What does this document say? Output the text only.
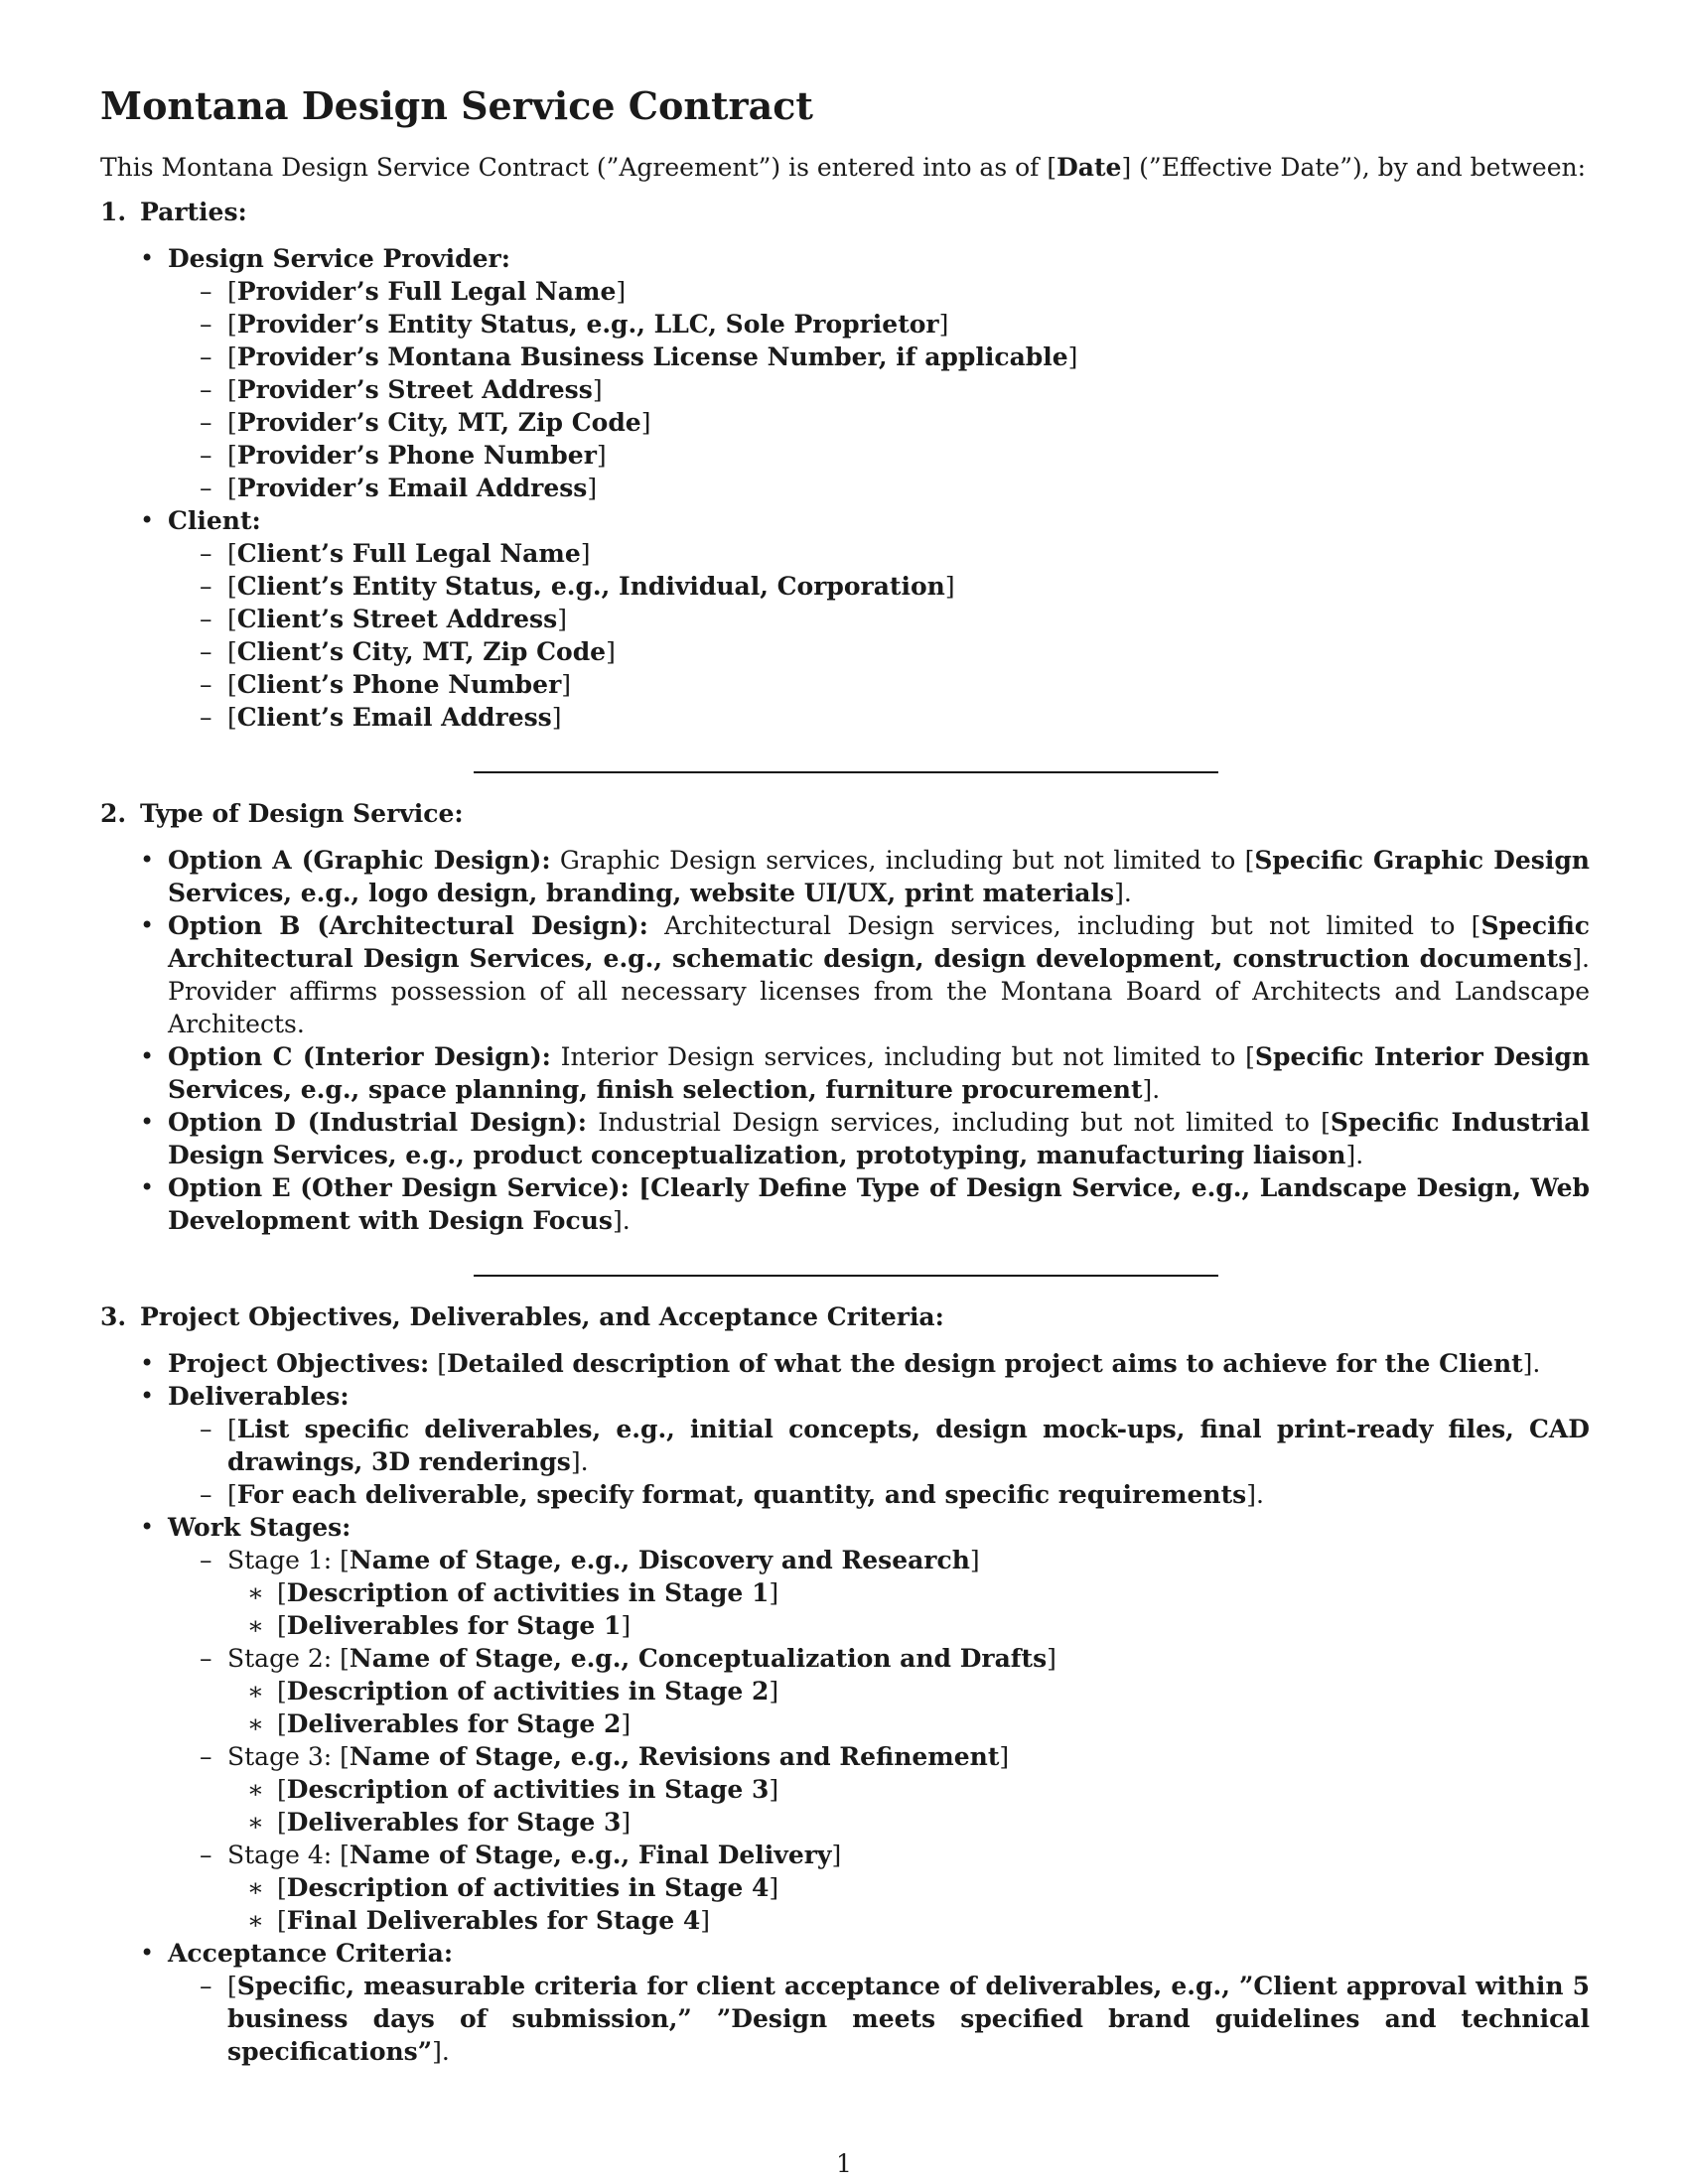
Montana Design Service Contract

This Montana Design Service Contract (”Agreement”) is entered into as of [Date] (”Effective Date”), by and between:

1. Parties:
• Design Service Provider:
– [Provider’s Full Legal Name]
– [Provider’s Entity Status, e.g., LLC, Sole Proprietor]
– [Provider’s Montana Business License Number, if applicable]
– [Provider’s Street Address]
– [Provider’s City, MT, Zip Code]
– [Provider’s Phone Number]
– [Provider’s Email Address]
• Client:
– [Client’s Full Legal Name]
– [Client’s Entity Status, e.g., Individual, Corporation]
– [Client’s Street Address]
– [Client’s City, MT, Zip Code]
– [Client’s Phone Number]
– [Client’s Email Address]
2. Type of Design Service:
• Option A (Graphic Design): Graphic Design services, including but not limited to [Specific Graphic Design Services, e.g., logo design, branding, website UI/UX, print materials].
• Option B (Architectural Design): Architectural Design services, including but not limited to [Specific Architectural Design Services, e.g., schematic design, design development, construction documents]. Provider affirms possession of all necessary licenses from the Montana Board of Architects and Landscape Architects.
• Option C (Interior Design): Interior Design services, including but not limited to [Specific Interior Design Services, e.g., space planning, finish selection, furniture procurement].
• Option D (Industrial Design): Industrial Design services, including but not limited to [Specific Industrial Design Services, e.g., product conceptualization, prototyping, manufacturing liaison].
• Option E (Other Design Service): [Clearly Define Type of Design Service, e.g., Landscape Design, Web Development with Design Focus].
3. Project Objectives, Deliverables, and Acceptance Criteria:
• Project Objectives: [Detailed description of what the design project aims to achieve for the Client].
• Deliverables:
– [List specific deliverables, e.g., initial concepts, design mock-ups, final print-ready files, CAD drawings, 3D renderings].
– [For each deliverable, specify format, quantity, and specific requirements].
• Work Stages:
– Stage 1: [Name of Stage, e.g., Discovery and Research]
∗ [Description of activities in Stage 1]
∗ [Deliverables for Stage 1]
– Stage 2: [Name of Stage, e.g., Conceptualization and Drafts]
∗ [Description of activities in Stage 2]
∗ [Deliverables for Stage 2]
– Stage 3: [Name of Stage, e.g., Revisions and Refinement]
∗ [Description of activities in Stage 3]
∗ [Deliverables for Stage 3]
– Stage 4: [Name of Stage, e.g., Final Delivery]
∗ [Description of activities in Stage 4]
∗ [Final Deliverables for Stage 4]
• Acceptance Criteria:
– [Specific, measurable criteria for client acceptance of deliverables, e.g., ”Client approval within 5 business days of submission,” ”Design meets specified brand guidelines and technical specifications”].
1
